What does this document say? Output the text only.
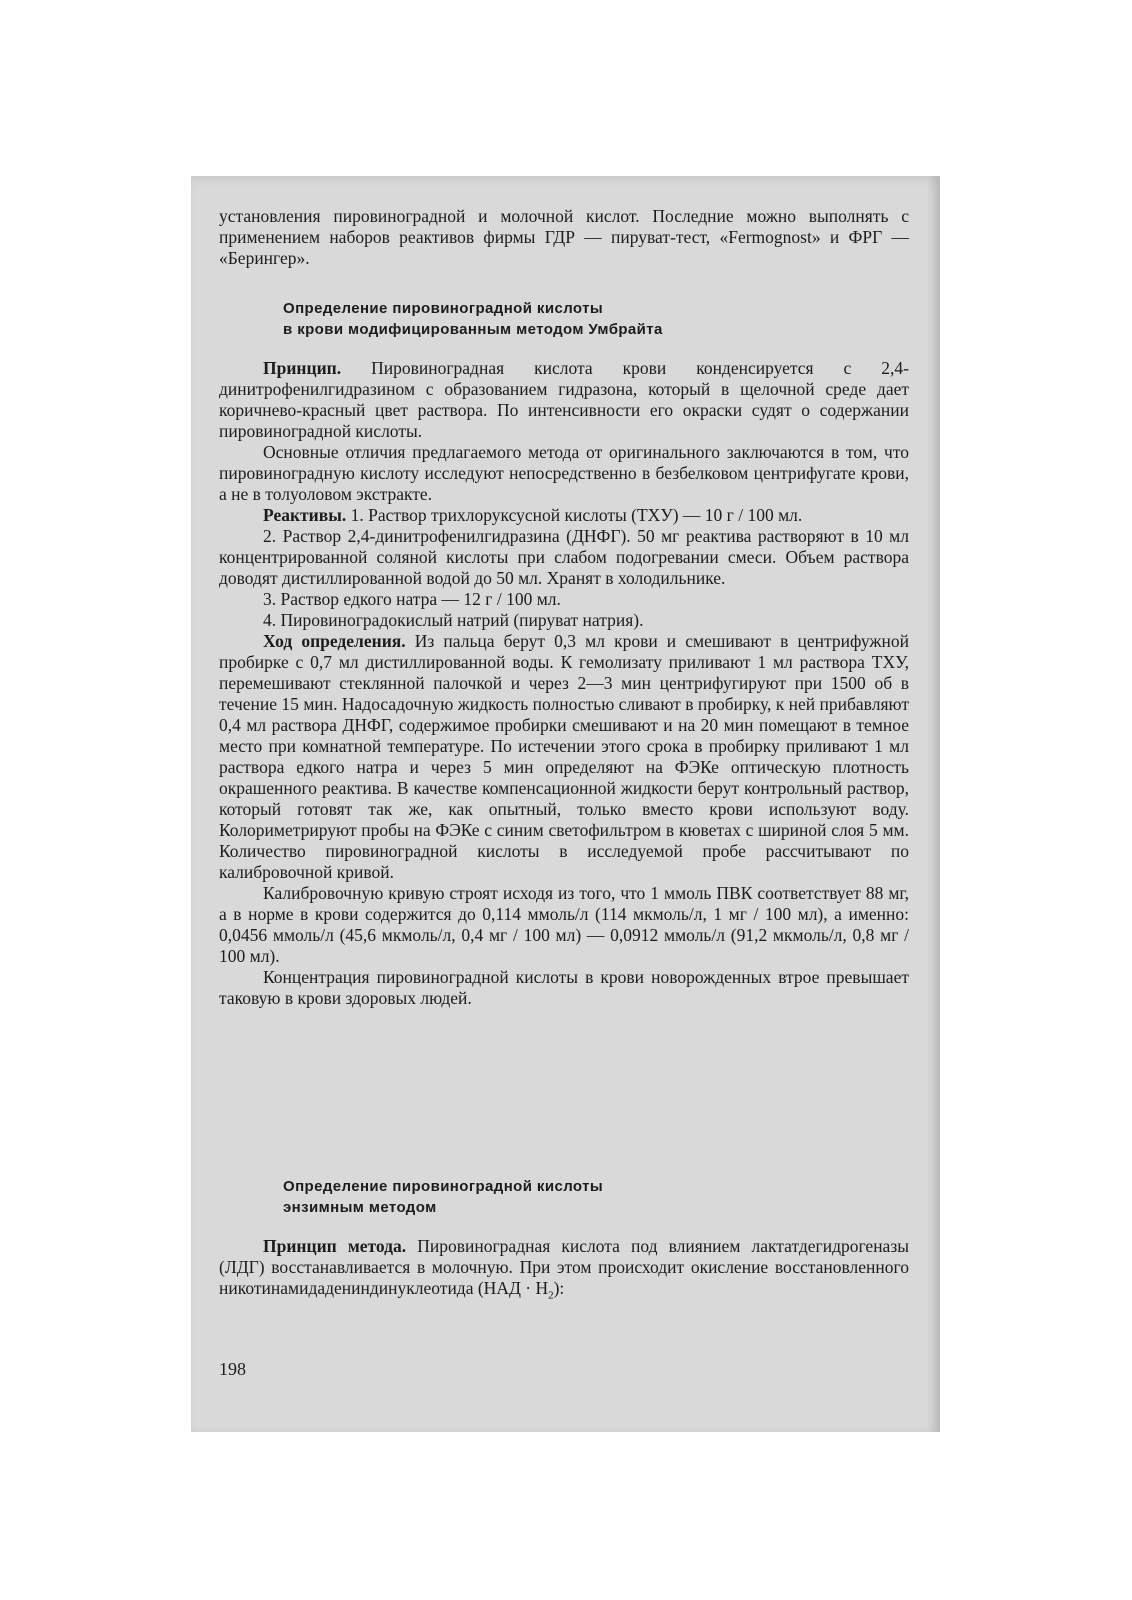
установления пировиноградной и молочной кислот. Последние можно выполнять с применением наборов реактивов фирмы ГДР — пируват-тест, «Fermognost» и ФРГ — «Берингер».

Определение пировиноградной кислоты
в крови модифицированным методом Умбрайта

Принцип. Пировиноградная кислота крови конденсируется с 2,4-динитрофенилгидразином с образованием гидразона, который в щелочной среде дает коричнево-красный цвет раствора. По интенсивности его окраски судят о содержании пировиноградной кислоты.

Основные отличия предлагаемого метода от оригинального заключаются в том, что пировиноградную кислоту исследуют непосредственно в безбелковом центрифугате крови, а не в толуоловом экстракте.

Реактивы. 1. Раствор трихлоруксусной кислоты (ТХУ) — 10 г / 100 мл.

2. Раствор 2,4-динитрофенилгидразина (ДНФГ). 50 мг реактива растворяют в 10 мл концентрированной соляной кислоты при слабом подогревании смеси. Объем раствора доводят дистиллированной водой до 50 мл. Хранят в холодильнике.

3. Раствор едкого натра — 12 г / 100 мл.

4. Пировиноградокислый натрий (пируват натрия).

Ход определения. Из пальца берут 0,3 мл крови и смешивают в центрифужной пробирке с 0,7 мл дистиллированной воды. К гемолизату приливают 1 мл раствора ТХУ, перемешивают стеклянной палочкой и через 2—3 мин центрифугируют при 1500 об в течение 15 мин. Надосадочную жидкость полностью сливают в пробирку, к ней прибавляют 0,4 мл раствора ДНФГ, содержимое пробирки смешивают и на 20 мин помещают в темное место при комнатной температуре. По истечении этого срока в пробирку приливают 1 мл раствора едкого натра и через 5 мин определяют на ФЭКе оптическую плотность окрашенного реактива. В качестве компенсационной жидкости берут контрольный раствор, который готовят так же, как опытный, только вместо крови используют воду. Колориметрируют пробы на ФЭКе с синим светофильтром в кюветах с шириной слоя 5 мм. Количество пировиноградной кислоты в исследуемой пробе рассчитывают по калибровочной кривой.

Калибровочную кривую строят исходя из того, что 1 ммоль ПВК соответствует 88 мг, а в норме в крови содержится до 0,114 ммоль/л (114 мкмоль/л, 1 мг / 100 мл), а именно: 0,0456 ммоль/л (45,6 мкмоль/л, 0,4 мг / 100 мл) — 0,0912 ммоль/л (91,2 мкмоль/л, 0,8 мг / 100 мл).

Концентрация пировиноградной кислоты в крови новорожденных втрое превышает таковую в крови здоровых людей.

Определение пировиноградной кислоты
энзимным методом

Принцип метода. Пировиноградная кислота под влиянием лактатдегидрогеназы (ЛДГ) восстанавливается в молочную. При этом происходит окисление восстановленного никотинамидадениндинуклеотида $(НАД \cdot Н_2)$:

198
